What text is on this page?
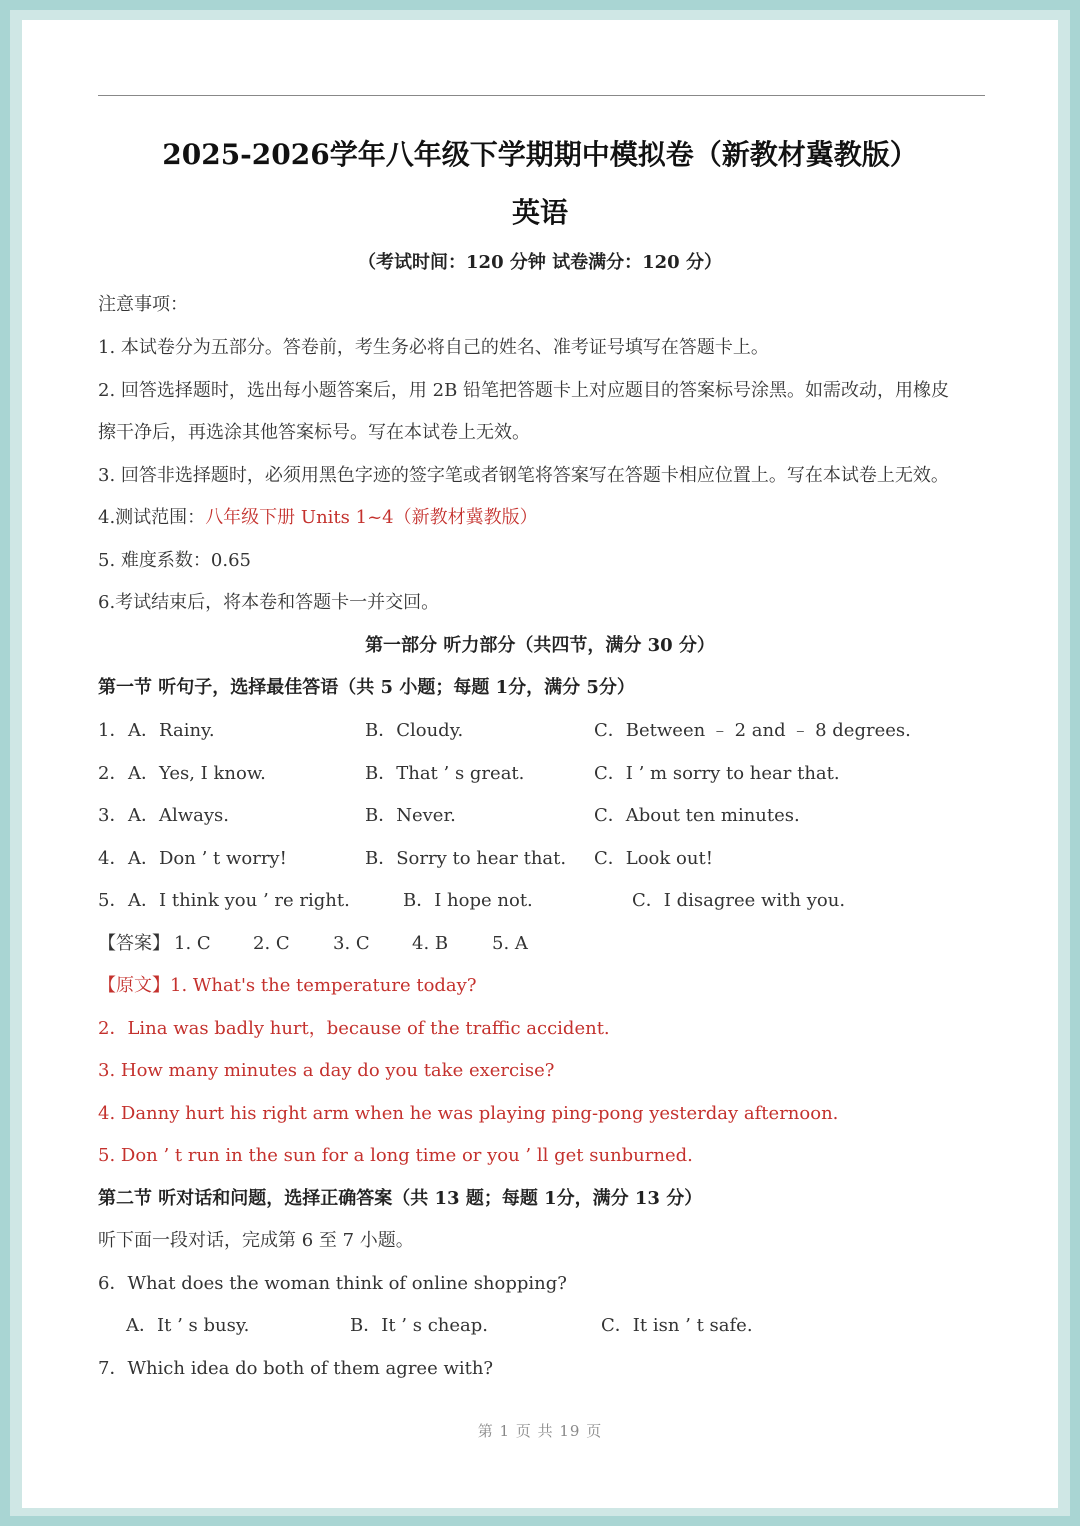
2025-2026学年八年级下学期期中模拟卷（新教材冀教版）
英语
（考试时间：120 分钟 试卷满分：120 分）
注意事项：
1. 本试卷分为五部分。答卷前，考生务必将自己的姓名、准考证号填写在答题卡上。
2. 回答选择题时，选出每小题答案后，用 2B 铅笔把答题卡上对应题目的答案标号涂黑。如需改动，用橡皮
擦干净后，再选涂其他答案标号。写在本试卷上无效。
3. 回答非选择题时，必须用黑色字迹的签字笔或者钢笔将答案写在答题卡相应位置上。写在本试卷上无效。
4.测试范围：八年级下册 Units 1~4（新教材冀教版）
5. 难度系数：0.65
6.考试结束后，将本卷和答题卡一并交回。
第一部分 听力部分（共四节，满分 30 分）
第一节 听句子，选择最佳答语（共 5 小题；每题 1分，满分 5分）
1． A．Rainy.	B．Cloudy.	C．Between ﹣ 2 and ﹣ 8 degrees.
2． A．Yes, I know.	B．That ’ s great.	C．I ’ m sorry to hear that.
3． A．Always.	B．Never.	C．About ten minutes.
4． A．Don ’ t worry!	B．Sorry to hear that. C．Look out!
5． A．I think you ’ re right.	B．I hope not.	C．I disagree with you.
【答案】 1. C 2. C 3. C 4. B 5. A
【原文】1. What's the temperature today?
2．Lina was badly hurt，because of the traffic accident.
3. How many minutes a day do you take exercise?
4. Danny hurt his right arm when he was playing ping-pong yesterday afternoon.
5. Don ’ t run in the sun for a long time or you ’ ll get sunburned.
第二节 听对话和问题，选择正确答案（共 13 题；每题 1分，满分 13 分）
听下面一段对话，完成第 6 至 7 小题。
6．What does the woman think of online shopping?
A．It ’ s busy.	B．It ’ s cheap.	C．It isn ’ t safe.
7．Which idea do both of them agree with?
第 1 页 共 19 页
